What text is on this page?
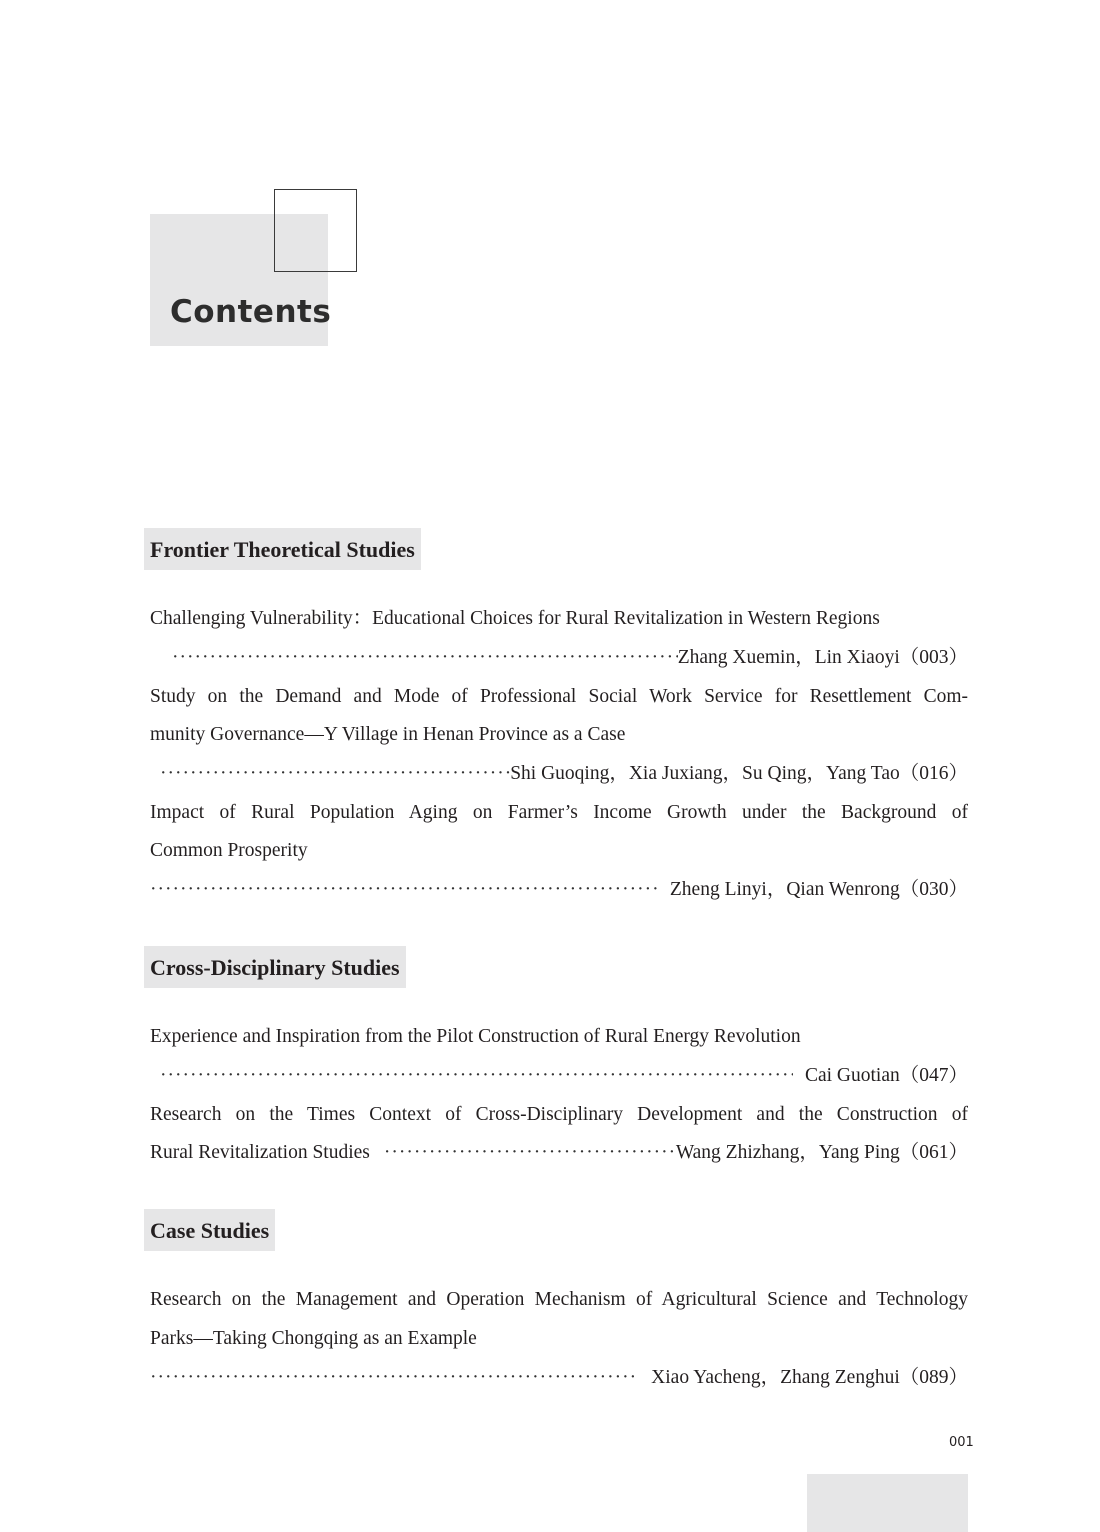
Contents
Frontier Theoretical Studies
Challenging Vulnerability：Educational Choices for Rural Revitalization in Western Regions
·····
Zhang Xuemin，Lin Xiaoyi（003）
Study on the Demand and Mode of Professional Social Work Service for Resettlement Com-
munity Governance—Y Village in Henan Province as a Case
·····
Shi Guoqing，Xia Juxiang，Su Qing，Yang Tao（016）
Impact of Rural Population Aging on Farmer’s Income Growth under the Background of
Common Prosperity
·····
Zheng Linyi，Qian Wenrong（030）
Cross-Disciplinary Studies
Experience and Inspiration from the Pilot Construction of Rural Energy Revolution
·····
Cai Guotian（047）
Research on the Times Context of Cross-Disciplinary Development and the Construction of
Rural Revitalization Studies
·····	Wang Zhizhang，Yang Ping（061）
Case Studies
Research on the Management and Operation Mechanism of Agricultural Science and Technology
Parks—Taking Chongqing as an Example
·····
Xiao Yacheng，Zhang Zenghui（089）
001
